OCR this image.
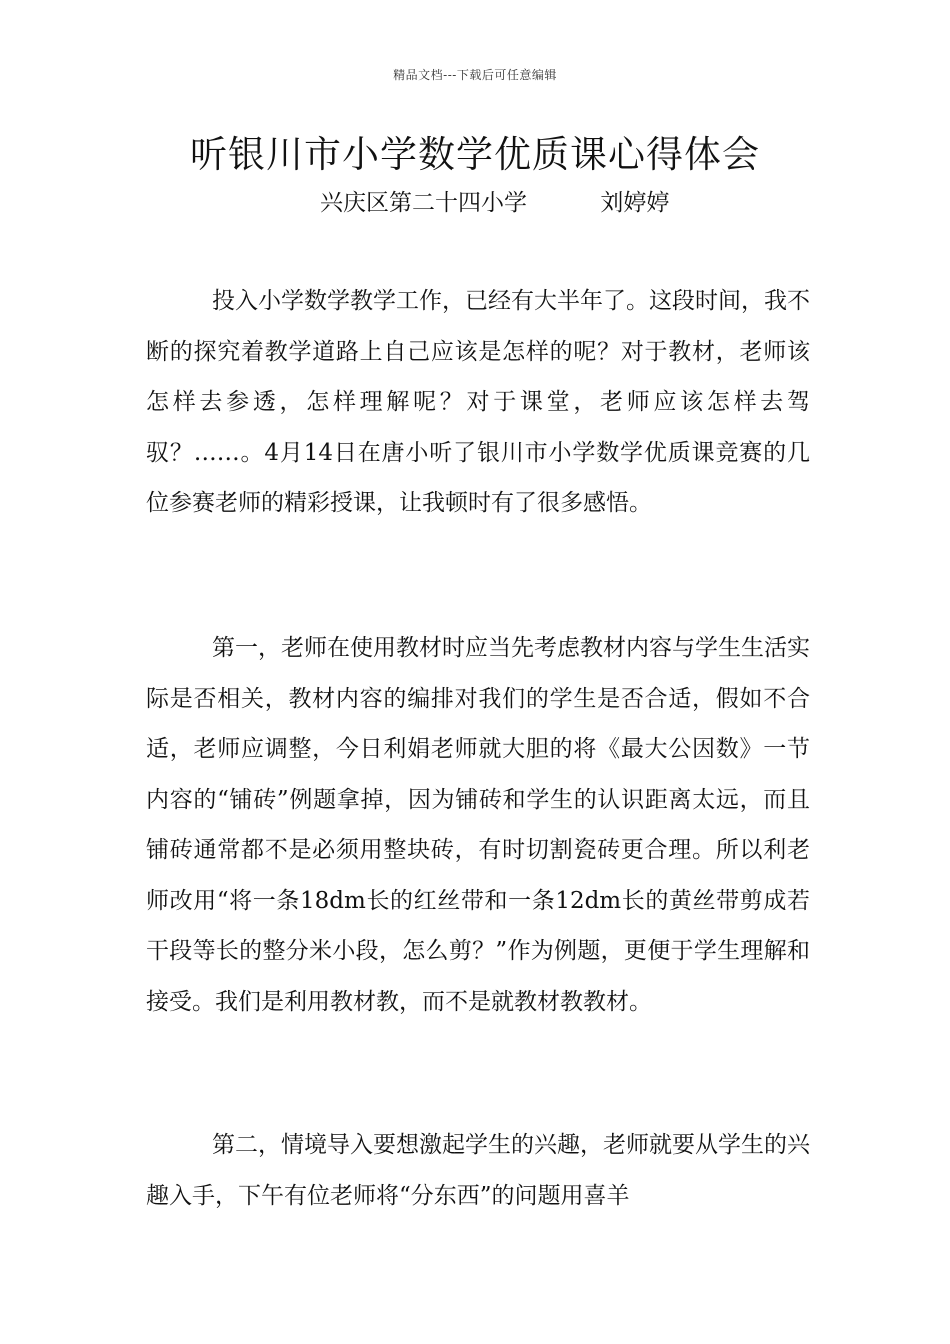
精品文档---下载后可任意编辑
听银川市小学数学优质课心得体会
兴庆区第二十四小学	刘婷婷

投入小学数学教学工作，已经有大半年了。这段时间，我不断的探究着教学道路上自己应该是怎样的呢？对于教材，老师该怎样去参透，怎样理解呢？对于课堂，老师应该怎样去驾驭？……。4月14日在唐小听了银川市小学数学优质课竞赛的几位参赛老师的精彩授课，让我顿时有了很多感悟。

第一，老师在使用教材时应当先考虑教材内容与学生生活实际是否相关，教材内容的编排对我们的学生是否合适，假如不合适，老师应调整，今日利娟老师就大胆的将《最大公因数》一节内容的“铺砖”例题拿掉，因为铺砖和学生的认识距离太远，而且铺砖通常都不是必须用整块砖，有时切割瓷砖更合理。所以利老师改用“将一条18dm长的红丝带和一条12dm长的黄丝带剪成若干段等长的整分米小段，怎么剪？”作为例题，更便于学生理解和接受。我们是利用教材教，而不是就教材教教材。

第二，情境导入要想激起学生的兴趣，老师就要从学生的兴趣入手，下午有位老师将“分东西”的问题用喜羊
